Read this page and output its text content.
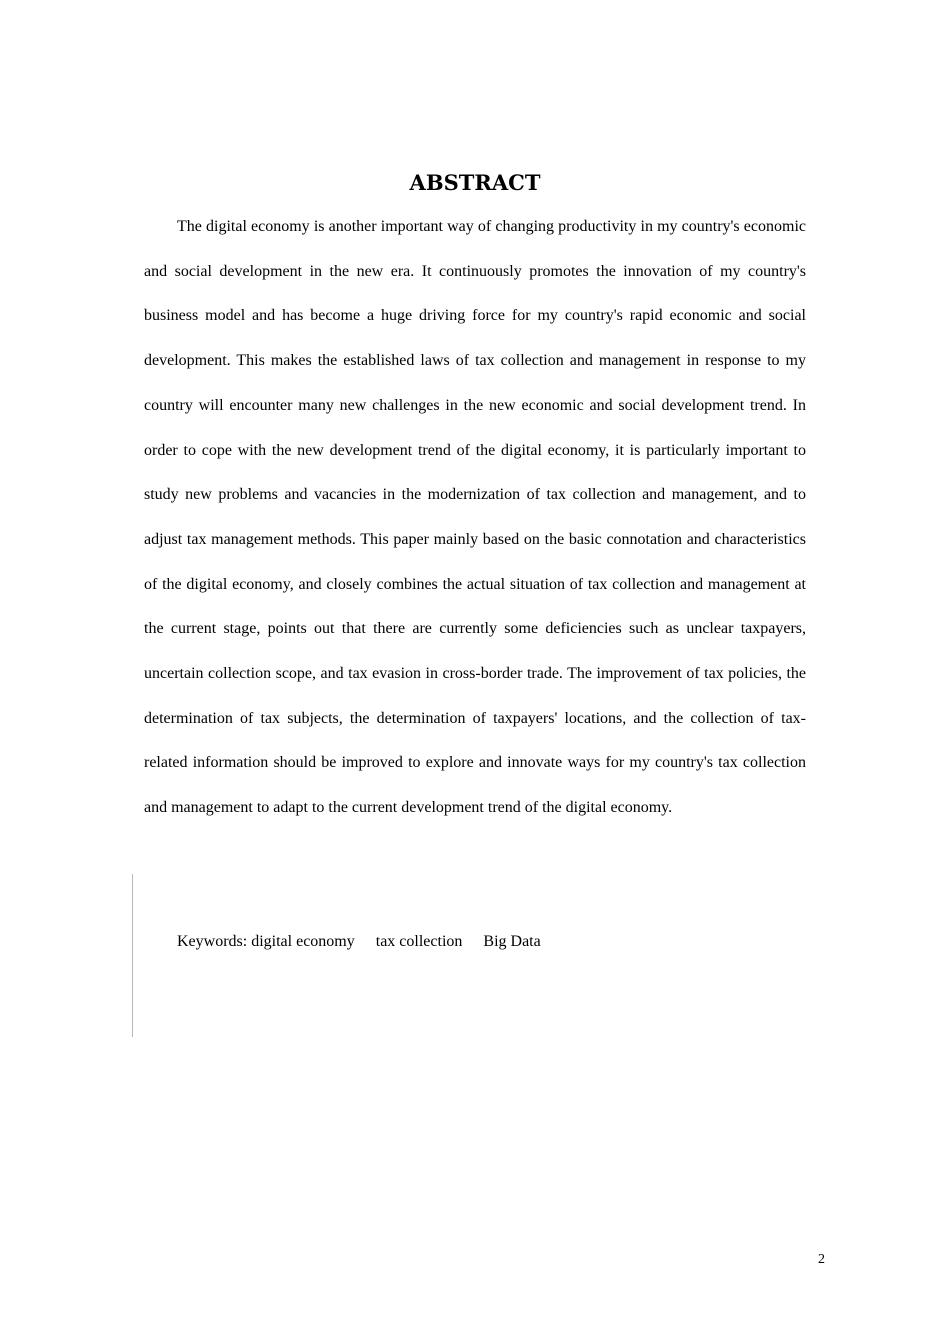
ABSTRACT

The digital economy is another important way of changing productivity in my country's economic and social development in the new era. It continuously promotes the innovation of my country's business model and has become a huge driving force for my country's rapid economic and social development. This makes the established laws of tax collection and management in response to my country will encounter many new challenges in the new economic and social development trend. In order to cope with the new development trend of the digital economy, it is particularly important to study new problems and vacancies in the modernization of tax collection and management, and to adjust tax management methods. This paper mainly based on the basic connotation and characteristics of the digital economy, and closely combines the actual situation of tax collection and management at the current stage, points out that there are currently some deficiencies such as unclear taxpayers, uncertain collection scope, and tax evasion in cross-border trade. The improvement of tax policies, the determination of tax subjects, the determination of taxpayers' locations, and the collection of tax-related information should be improved to explore and innovate ways for my country's tax collection and management to adapt to the current development trend of the digital economy.

Keywords: digital economy tax collection Big Data

2
